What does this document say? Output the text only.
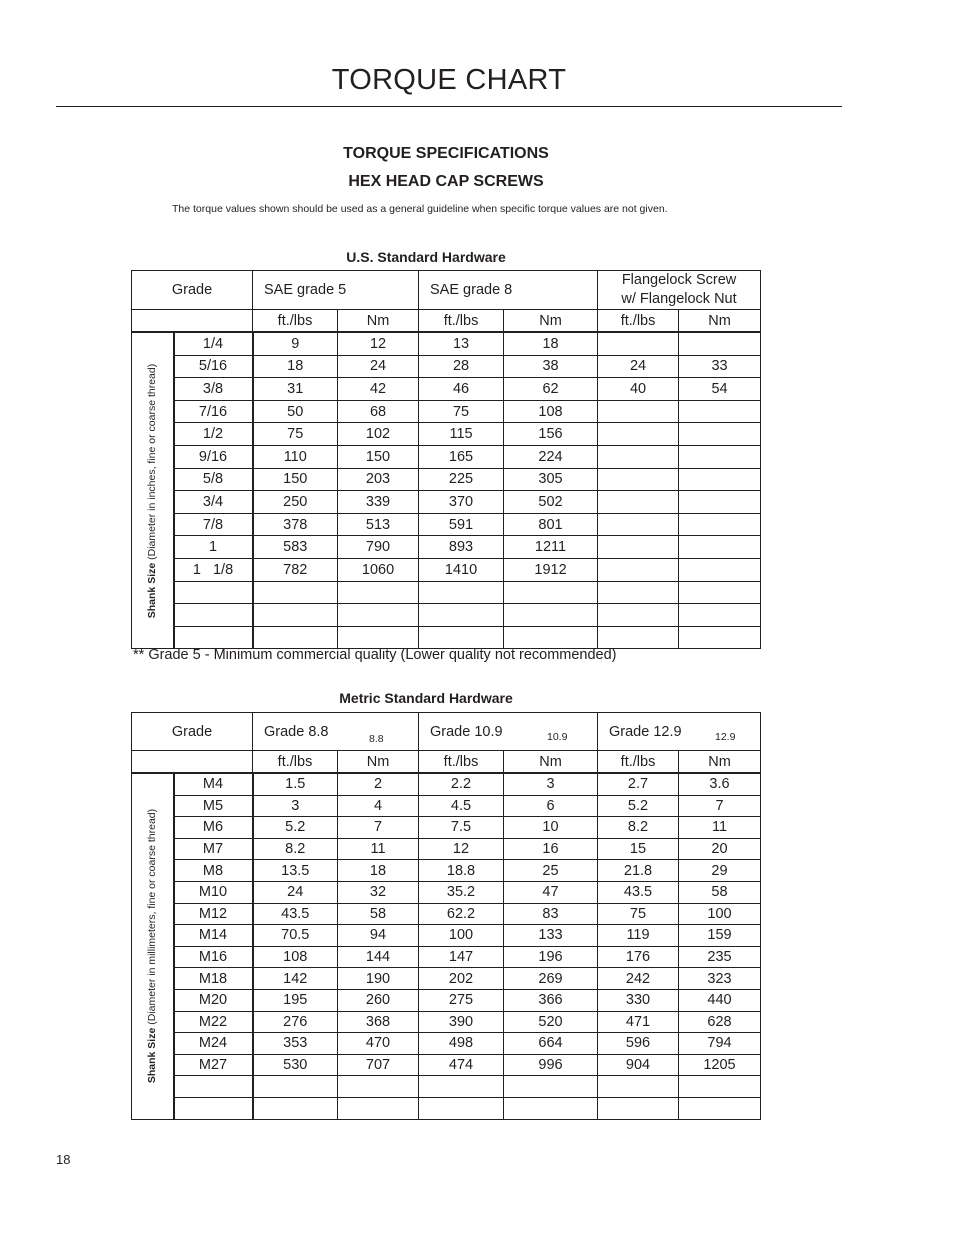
TORQUE CHART
TORQUE SPECIFICATIONS
HEX HEAD CAP SCREWS
The torque values shown should be used as a general guideline when specific torque values are not given.
U.S. Standard Hardware
Grade		SAE grade 5		SAE grade 8		Flangelock Screw
w/ Flangelock Nut	

		ft./lbs	Nm	ft./lbs	Nm	ft./lbs	Nm

Shank Size (Diameter in inches, fine or coarse thread)	1/4	9	12	13	18		
	5/16	18	24	28	38	24	33
	3/8	31	42	46	62	40	54
	7/16	50	68	75	108		
	1/2	75	102	115	156		
	9/16	110	150	165	224		
	5/8	150	203	225	305		
	3/4	250	339	370	502		
	7/8	378	513	591	801		
	1	583	790	893	1211		
	1   1/8	782	1060	1410	1912		

** Grade 5 - Minimum commercial quality (Lower quality not recommended)
Metric Standard Hardware
Grade		Grade 8.8 8.8		Grade 10.9 10.9		Grade 12.9 12.9	

		ft./lbs	Nm	ft./lbs	Nm	ft./lbs	Nm

Shank Size (Diameter in millimeters, fine or coarse thread)	M4	1.5	2	2.2	3	2.7	3.6
	M5	3	4	4.5	6	5.2	7
	M6	5.2	7	7.5	10	8.2	11
	M7	8.2	11	12	16	15	20
	M8	13.5	18	18.8	25	21.8	29
	M10	24	32	35.2	47	43.5	58
	M12	43.5	58	62.2	83	75	100
	M14	70.5	94	100	133	119	159
	M16	108	144	147	196	176	235
	M18	142	190	202	269	242	323
	M20	195	260	275	366	330	440
	M22	276	368	390	520	471	628
	M24	353	470	498	664	596	794
	M27	530	707	474	996	904	1205

18
